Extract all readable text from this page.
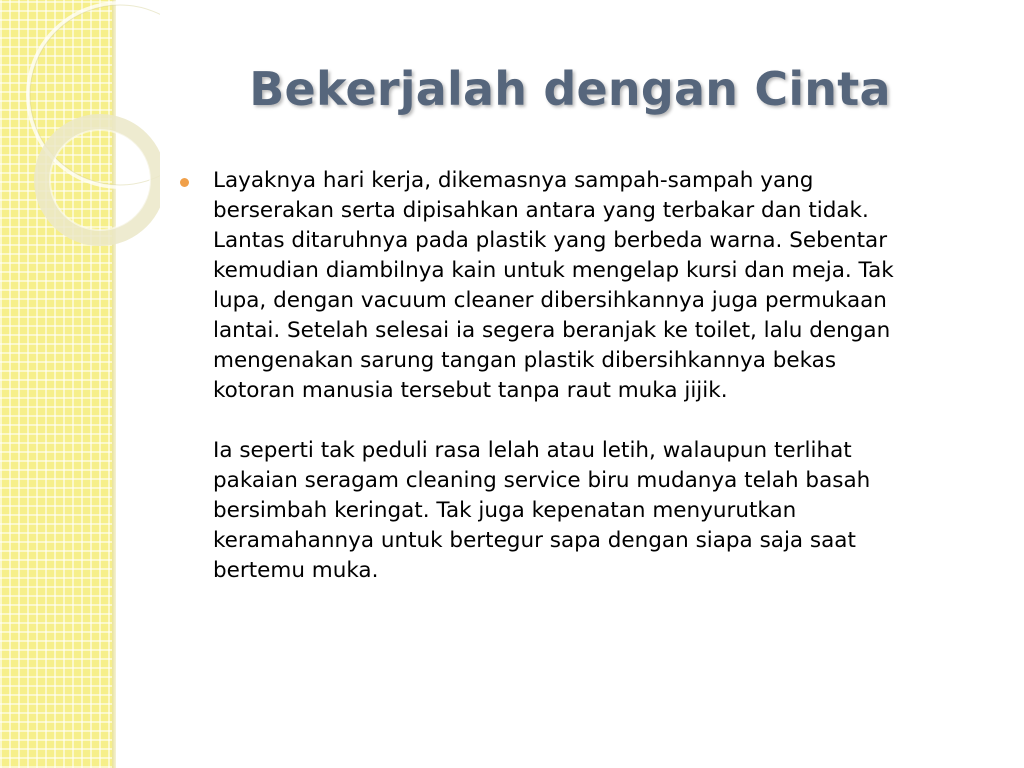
Bekerjalah dengan Cinta

Layaknya hari kerja, dikemasnya sampah-sampah yang
berserakan serta dipisahkan antara yang terbakar dan tidak.
Lantas ditaruhnya pada plastik yang berbeda warna. Sebentar
kemudian diambilnya kain untuk mengelap kursi dan meja. Tak
lupa, dengan vacuum cleaner dibersihkannya juga permukaan
lantai. Setelah selesai ia segera beranjak ke toilet, lalu dengan
mengenakan sarung tangan plastik dibersihkannya bekas
kotoran manusia tersebut tanpa raut muka jijik.

Ia seperti tak peduli rasa lelah atau letih, walaupun terlihat
pakaian seragam cleaning service biru mudanya telah basah
bersimbah keringat. Tak juga kepenatan menyurutkan
keramahannya untuk bertegur sapa dengan siapa saja saat
bertemu muka.
